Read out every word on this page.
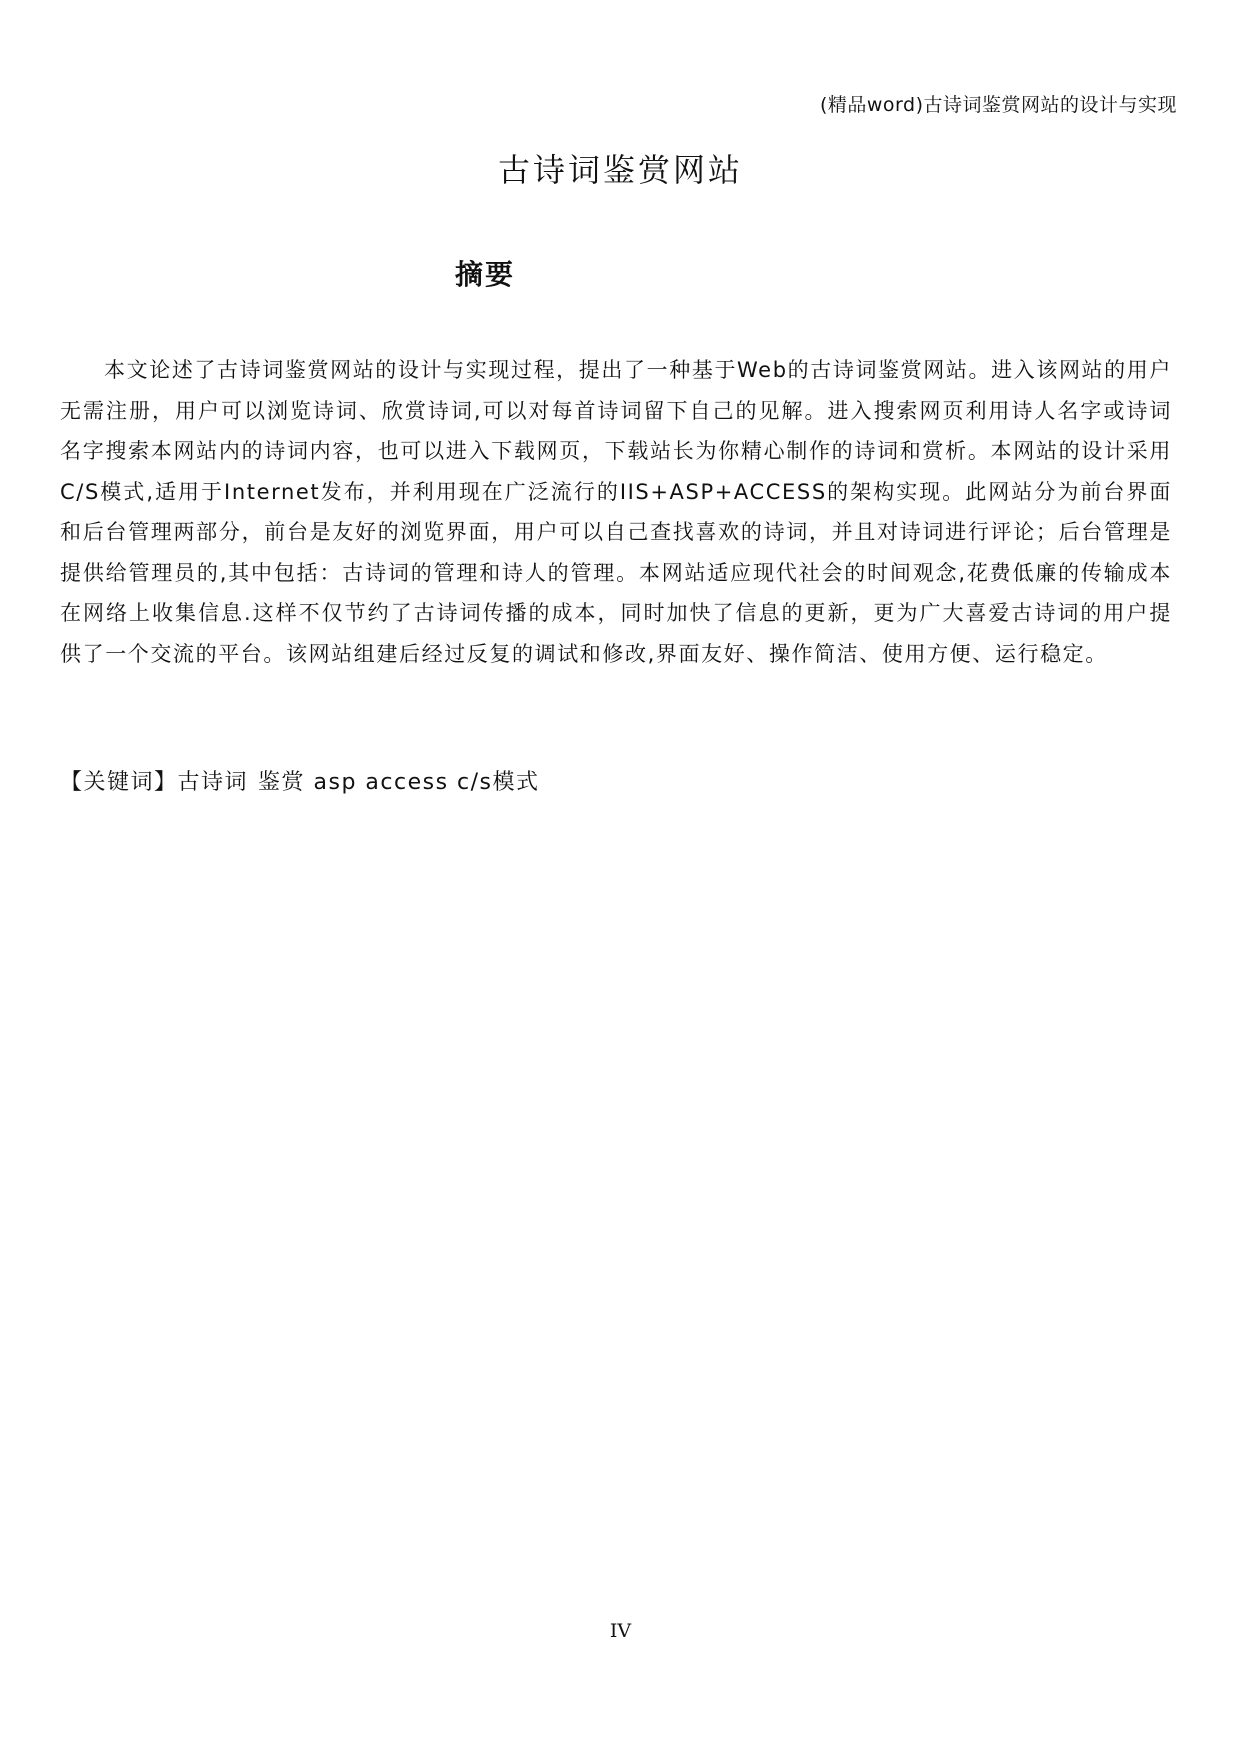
(精品word)古诗词鉴赏网站的设计与实现
古诗词鉴赏网站
摘要

本文论述了古诗词鉴赏网站的设计与实现过程，提出了一种基于Web的古诗词鉴赏网站。进入该网站的用户无需注册，用户可以浏览诗词、欣赏诗词,可以对每首诗词留下自己的见解。进入搜索网页利用诗人名字或诗词名字搜索本网站内的诗词内容，也可以进入下载网页，下载站长为你精心制作的诗词和赏析。本网站的设计采用C/S模式,适用于Internet发布，并利用现在广泛流行的IIS+ASP+ACCESS的架构实现。此网站分为前台界面和后台管理两部分，前台是友好的浏览界面，用户可以自己查找喜欢的诗词，并且对诗词进行评论；后台管理是提供给管理员的,其中包括：古诗词的管理和诗人的管理。本网站适应现代社会的时间观念,花费低廉的传输成本在网络上收集信息.这样不仅节约了古诗词传播的成本，同时加快了信息的更新，更为广大喜爱古诗词的用户提供了一个交流的平台。该网站组建后经过反复的调试和修改,界面友好、操作简洁、使用方便、运行稳定。

【关键词】古诗词 鉴赏 asp access c/s模式

IV
